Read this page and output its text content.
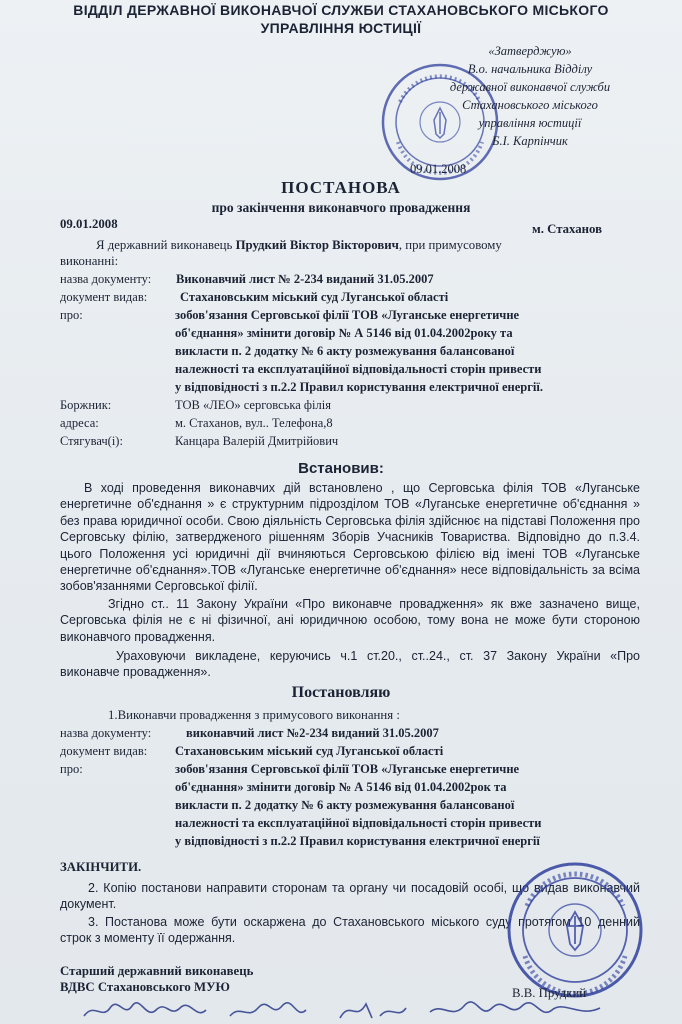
ВІДДІЛ ДЕРЖАВНОЇ ВИКОНАВЧОЇ СЛУЖБИ СТАХАНОВСЬКОГО МІСЬКОГО
УПРАВЛІННЯ ЮСТИЦІЇ
«Затверджую»
В.о. начальника Відділу
державної виконавчої служби
Стахановського міського
управління юстиції
Б.І. Карпінчик
09.01.2008
ПОСТАНОВА
про закінчення виконавчого провадження
09.01.2008	м. Стаханов
Я державний виконавець Прудкий Віктор Вікторович, при примусовому
виконанні:
назва документу: Виконавчий лист № 2-234 виданий 31.05.2007
документ видав:	Стахановським міський суд Луганської області
про:	зобов'язання Серговської філії ТОВ «Луганське енергетичне
об'єднання» змінити договір № А 5146 від 01.04.2002року та
викласти п. 2 додатку № 6 акту розмежування балансованої
належності та експлуатаційної відповідальності сторін привести
у відповідності з п.2.2 Правил користування електричної енергії.
Боржник:	ТОВ «ЛЕО» серговська філія
адреса:	м. Стаханов, вул.. Телефона,8
Стягувач(і):	Канцара Валерій Дмитрійович
Встановив:
В ході проведення виконавчих дій встановлено , що Серговська філія ТОВ «Луганське енергетичне об'єднання » є структурним підрозділом ТОВ «Луганське енергетичне об'єднання » без права юридичної особи. Свою діяльність Серговська філія здійснює на підставі Положення про Серговську філію, затвердженого рішенням Зборів Учасників Товариства. Відповідно до п.3.4. цього Положення усі юридичні дії вчиняються Серговською філією від імені ТОВ «Луганське енергетичне об'єднання».ТОВ «Луганське енергетичне об'єднання» несе відповідальність за всіма зобов'язаннями Серговської філії.
Згідно ст.. 11 Закону України «Про виконавче провадження» як вже зазначено вище, Серговська філія не є ні фізичної, ані юридичною особою, тому вона не може бути стороною виконавчого провадження.
Ураховуючи викладене, керуючись ч.1 ст.20., ст..24., ст. 37 Закону України «Про виконавче провадження».
Постановляю
1.Виконавчи провадження з примусового виконання :
назва документу:	виконавчий лист №2-234 виданий 31.05.2007
документ видав: Стахановським міський суд Луганської області
про:	зобов'язання Серговської філії ТОВ «Луганське енергетичне
об'єднання» змінити договір № А 5146 від 01.04.2002рок та
викласти п. 2 додатку № 6 акту розмежування балансованої
належності та експлуатаційної відповідальності сторін привести
у відповідності з п.2.2 Правил користування електричної енергії
ЗАКІНЧИТИ.
2. Копію постанови направити сторонам та органу чи посадовій особі, що видав виконавчий документ.
3. Постанова може бути оскаржена до Стахановського міського суду протягом 10 денний строк з моменту її одержання.
Старший державний виконавець
ВДВС Стахановського МУЮ	В.В. Прудкий
